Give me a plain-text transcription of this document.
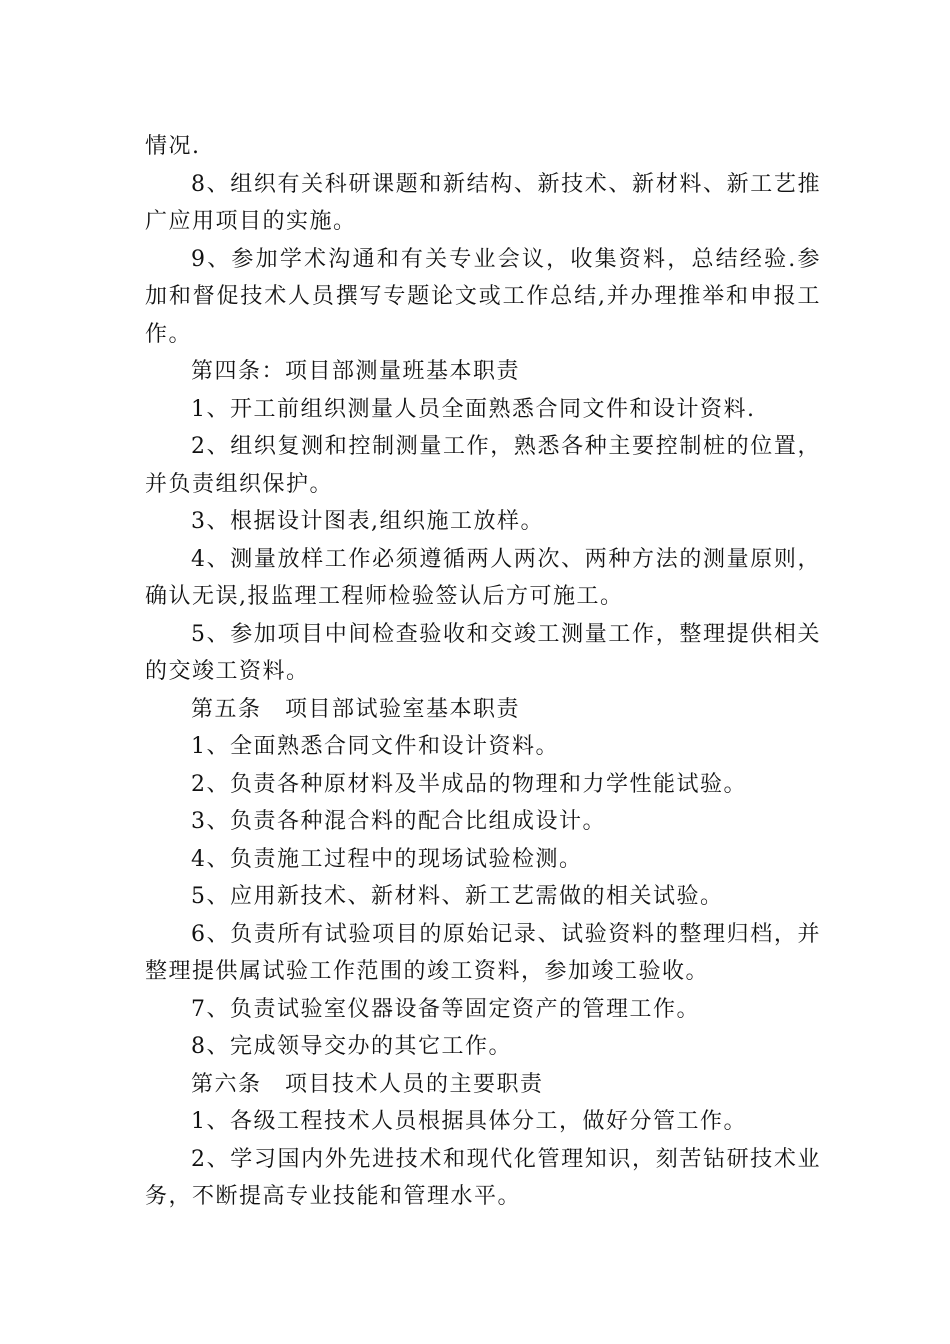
情况.

8、组织有关科研课题和新结构、新技术、新材料、新工艺推广应用项目的实施。

9、参加学术沟通和有关专业会议，收集资料，总结经验.参加和督促技术人员撰写专题论文或工作总结,并办理推举和申报工作。

第四条：项目部测量班基本职责

1、开工前组织测量人员全面熟悉合同文件和设计资料.

2、组织复测和控制测量工作，熟悉各种主要控制桩的位置，并负责组织保护。

3、根据设计图表,组织施工放样。

4、测量放样工作必须遵循两人两次、两种方法的测量原则，确认无误,报监理工程师检验签认后方可施工。

5、参加项目中间检查验收和交竣工测量工作，整理提供相关的交竣工资料。

第五条　项目部试验室基本职责

1、全面熟悉合同文件和设计资料。

2、负责各种原材料及半成品的物理和力学性能试验。

3、负责各种混合料的配合比组成设计。

4、负责施工过程中的现场试验检测。

5、应用新技术、新材料、新工艺需做的相关试验。

6、负责所有试验项目的原始记录、试验资料的整理归档，并整理提供属试验工作范围的竣工资料，参加竣工验收。

7、负责试验室仪器设备等固定资产的管理工作。

8、完成领导交办的其它工作。

第六条　项目技术人员的主要职责

1、各级工程技术人员根据具体分工，做好分管工作。

2、学习国内外先进技术和现代化管理知识，刻苦钻研技术业务，不断提高专业技能和管理水平。
